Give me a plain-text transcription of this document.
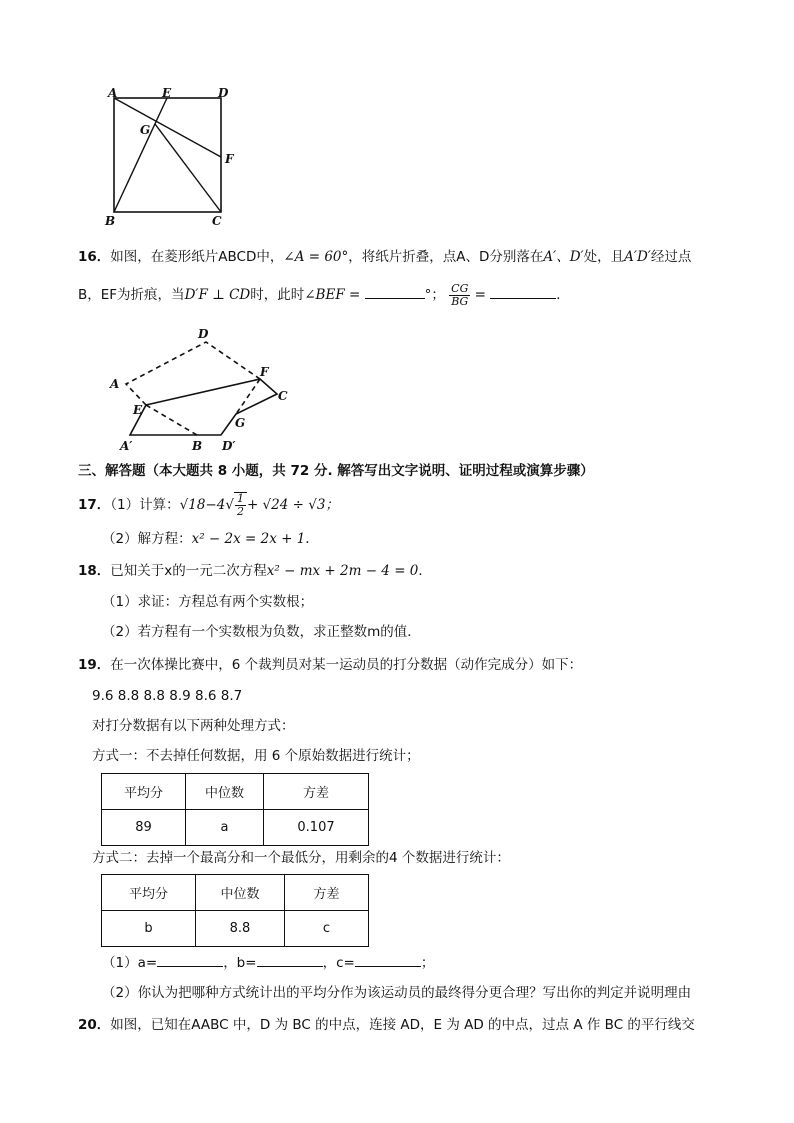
A	E	D
G
F
B	C
16．如图，在菱形纸片ABCD中，∠A = 60°，将纸片折叠，点A、D分别落在A′、D′处，且A′D′经过点
B，EF为折痕，当D′F ⊥ CD时，此时∠BEF =	°； $\frac{CG}{BG}$ =	．
D
A
F
C
E
G
A′	B D′
三、解答题（本大题共 8 小题，共 72 分. 解答写出文字说明、证明过程或演算步骤）
17．（1）计算：$√18-4√ \frac{1}{2} + √24 \div √3$；
（2）解方程：x² − 2x = 2x + 1.
18．已知关于x的一元二次方程x² − mx + 2m − 4 = 0．
（1）求证：方程总有两个实数根；
（2）若方程有一个实数根为负数，求正整数m的值．
19．在一次体操比赛中，6 个裁判员对某一运动员的打分数据（动作完成分）如下：
9.6 8.8 8.8 8.9 8.6 8.7
对打分数据有以下两种处理方式：
方式一：不去掉任何数据，用 6 个原始数据进行统计；
平均分	中位数	方差
89	a	0.107
方式二：去掉一个最高分和一个最低分，用剩余的4 个数据进行统计：
平均分	中位数	方差
b	8.8	c
（1）a=	，b=	，c=	；
（2）你认为把哪种方式统计出的平均分作为该运动员的最终得分更合理？写出你的判定并说明理由
20．如图，已知在AABC 中，D 为 BC 的中点，连接 AD，E 为 AD 的中点，过点 A 作 BC 的平行线交
